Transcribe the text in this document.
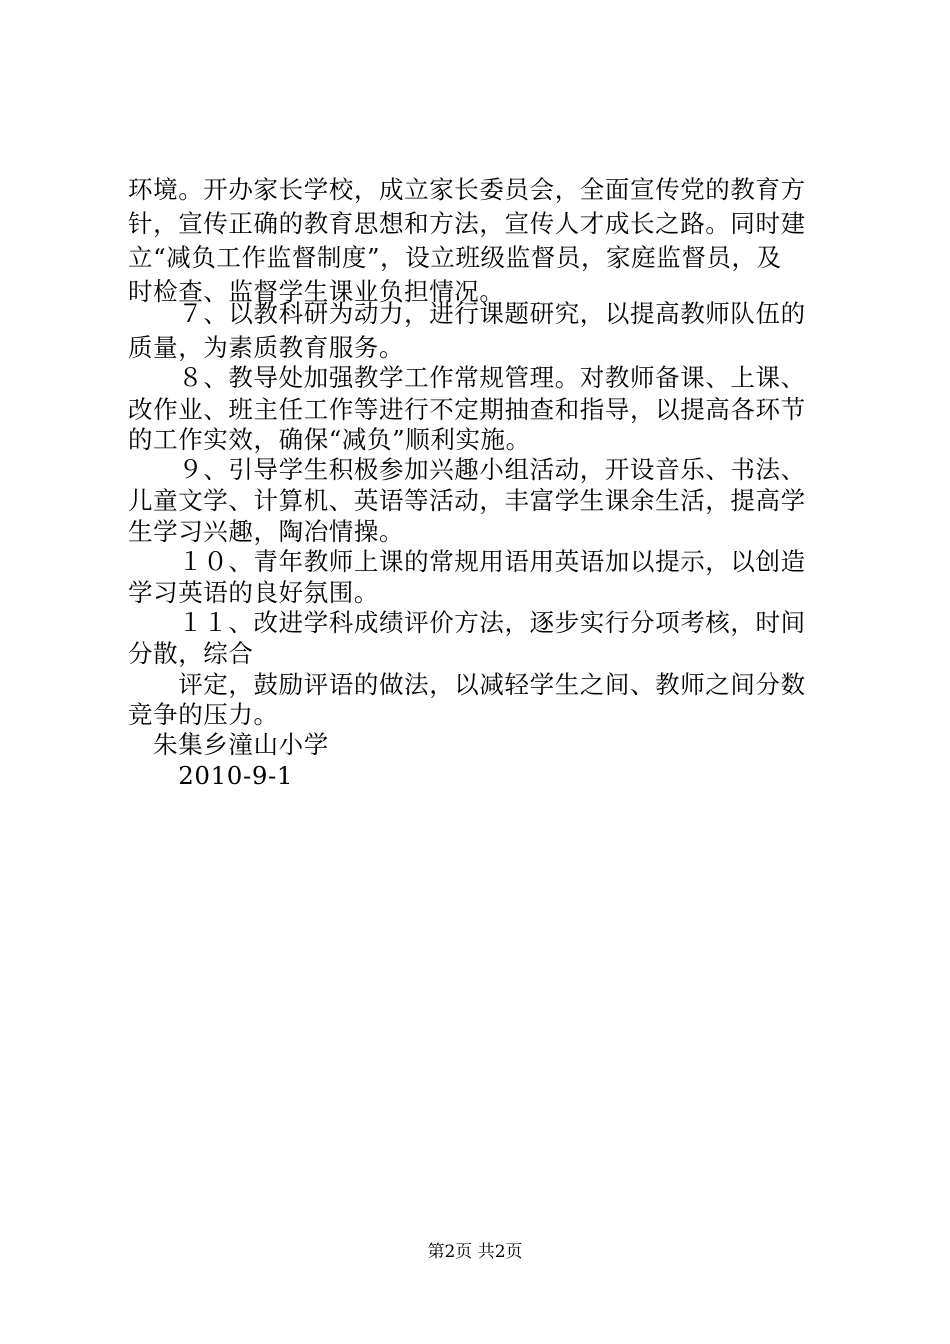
环境。开办家长学校，成立家长委员会，全面宣传党的教育方
针，宣传正确的教育思想和方法，宣传人才成长之路。同时建
立“减负工作监督制度”，设立班级监督员，家庭监督员，及
时检查、监督学生课业负担情况。
　　７、以教科研为动力，进行课题研究，以提高教师队伍的
质量，为素质教育服务。
　　８、教导处加强教学工作常规管理。对教师备课、上课、
改作业、班主任工作等进行不定期抽查和指导，以提高各环节
的工作实效，确保“减负”顺利实施。
　　９、引导学生积极参加兴趣小组活动，开设音乐、书法、
儿童文学、计算机、英语等活动，丰富学生课余生活，提高学
生学习兴趣，陶冶情操。
　　１０、青年教师上课的常规用语用英语加以提示，以创造
学习英语的良好氛围。
　　１１、改进学科成绩评价方法，逐步实行分项考核，时间
分散，综合
　　评定，鼓励评语的做法，以减轻学生之间、教师之间分数
竞争的压力。
　朱集乡潼山小学
　　2010-9-1
第2页 共2页
